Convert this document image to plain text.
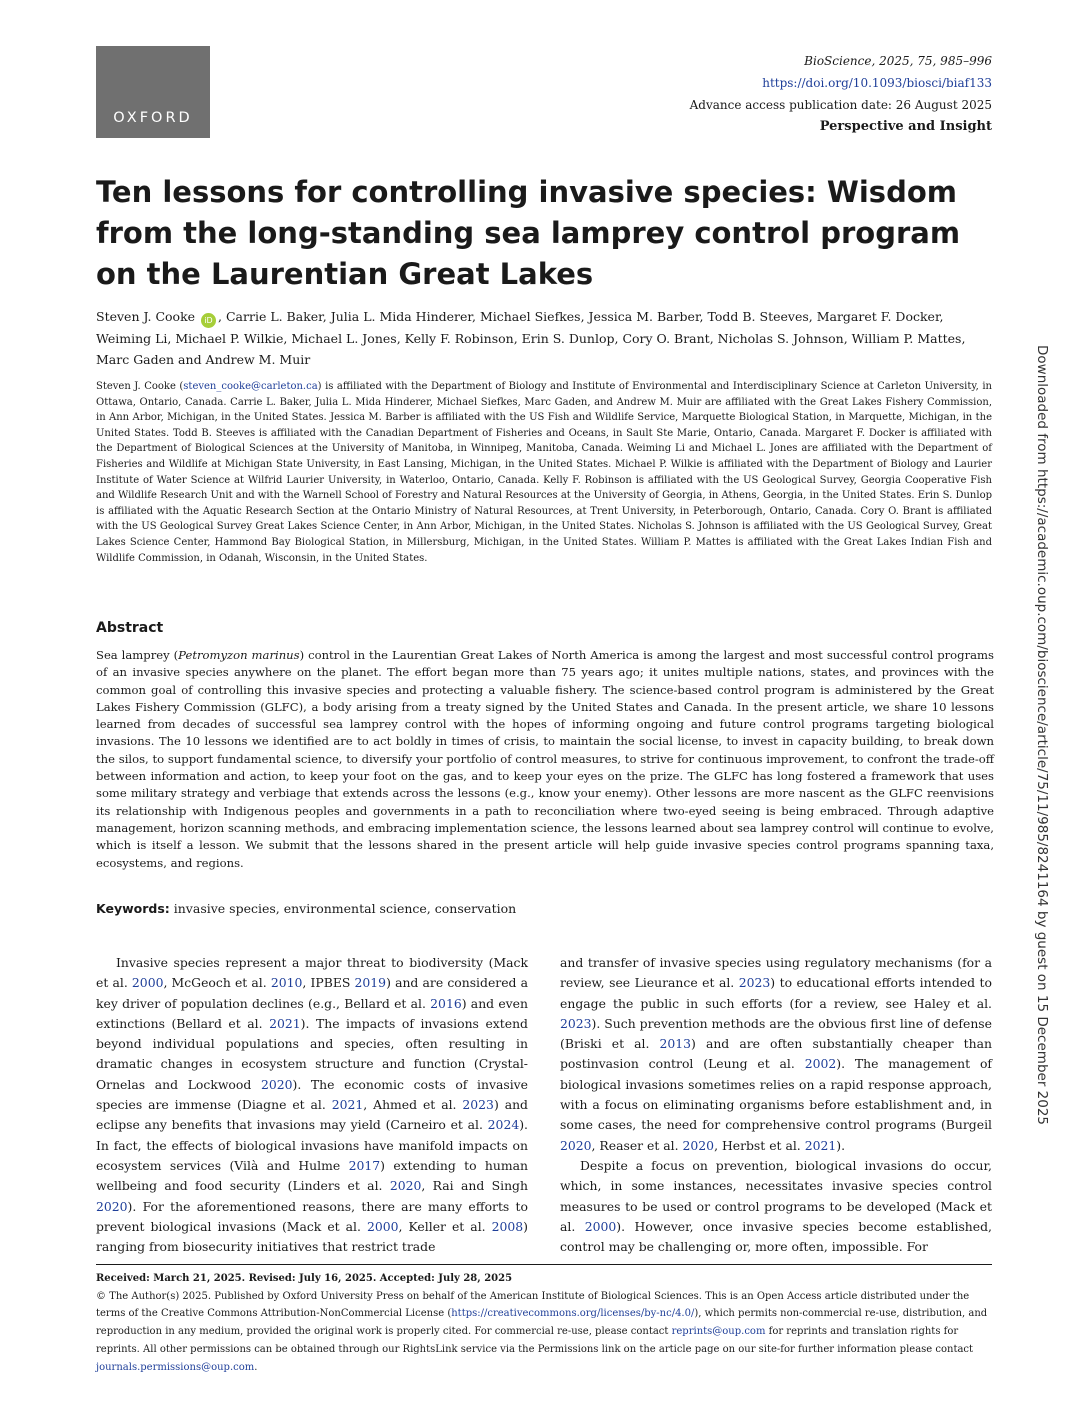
OXFORD
BioScience, 2025, 75, 985–996
https://doi.org/10.1093/biosci/biaf133
Advance access publication date: 26 August 2025
Perspective and Insight
Ten lessons for controlling invasive species: Wisdom from the long-standing sea lamprey control program on the Laurentian Great Lakes
Steven J. Cooke iD , Carrie L. Baker, Julia L. Mida Hinderer, Michael Siefkes, Jessica M. Barber, Todd B. Steeves, Margaret F. Docker, Weiming Li, Michael P. Wilkie, Michael L. Jones, Kelly F. Robinson, Erin S. Dunlop, Cory O. Brant, Nicholas S. Johnson, William P. Mattes, Marc Gaden and Andrew M. Muir
Steven J. Cooke (steven_cooke@carleton.ca) is affiliated with the Department of Biology and Institute of Environmental and Interdisciplinary Science at Carleton University, in Ottawa, Ontario, Canada. Carrie L. Baker, Julia L. Mida Hinderer, Michael Siefkes, Marc Gaden, and Andrew M. Muir are affiliated with the Great Lakes Fishery Commission, in Ann Arbor, Michigan, in the United States. Jessica M. Barber is affiliated with the US Fish and Wildlife Service, Marquette Biological Station, in Marquette, Michigan, in the United States. Todd B. Steeves is affiliated with the Canadian Department of Fisheries and Oceans, in Sault Ste Marie, Ontario, Canada. Margaret F. Docker is affiliated with the Department of Biological Sciences at the University of Manitoba, in Winnipeg, Manitoba, Canada. Weiming Li and Michael L. Jones are affiliated with the Department of Fisheries and Wildlife at Michigan State University, in East Lansing, Michigan, in the United States. Michael P. Wilkie is affiliated with the Department of Biology and Laurier Institute of Water Science at Wilfrid Laurier University, in Waterloo, Ontario, Canada. Kelly F. Robinson is affiliated with the US Geological Survey, Georgia Cooperative Fish and Wildlife Research Unit and with the Warnell School of Forestry and Natural Resources at the University of Georgia, in Athens, Georgia, in the United States. Erin S. Dunlop is affiliated with the Aquatic Research Section at the Ontario Ministry of Natural Resources, at Trent University, in Peterborough, Ontario, Canada. Cory O. Brant is affiliated with the US Geological Survey Great Lakes Science Center, in Ann Arbor, Michigan, in the United States. Nicholas S. Johnson is affiliated with the US Geological Survey, Great Lakes Science Center, Hammond Bay Biological Station, in Millersburg, Michigan, in the United States. William P. Mattes is affiliated with the Great Lakes Indian Fish and Wildlife Commission, in Odanah, Wisconsin, in the United States.
Abstract

Sea lamprey (Petromyzon marinus) control in the Laurentian Great Lakes of North America is among the largest and most successful control programs of an invasive species anywhere on the planet. The effort began more than 75 years ago; it unites multiple nations, states, and provinces with the common goal of controlling this invasive species and protecting a valuable fishery. The science-based control program is administered by the Great Lakes Fishery Commission (GLFC), a body arising from a treaty signed by the United States and Canada. In the present article, we share 10 lessons learned from decades of successful sea lamprey control with the hopes of informing ongoing and future control programs targeting biological invasions. The 10 lessons we identified are to act boldly in times of crisis, to maintain the social license, to invest in capacity building, to break down the silos, to support fundamental science, to diversify your portfolio of control measures, to strive for continuous improvement, to confront the trade-off between information and action, to keep your foot on the gas, and to keep your eyes on the prize. The GLFC has long fostered a framework that uses some military strategy and verbiage that extends across the lessons (e.g., know your enemy). Other lessons are more nascent as the GLFC reenvisions its relationship with Indigenous peoples and governments in a path to reconciliation where two-eyed seeing is being embraced. Through adaptive management, horizon scanning methods, and embracing implementation science, the lessons learned about sea lamprey control will continue to evolve, which is itself a lesson. We submit that the lessons shared in the present article will help guide invasive species control programs spanning taxa, ecosystems, and regions.

Keywords: invasive species, environmental science, conservation

Invasive species represent a major threat to biodiversity (Mack et al. 2000, McGeoch et al. 2010, IPBES 2019) and are considered a key driver of population declines (e.g., Bellard et al. 2016) and even extinctions (Bellard et al. 2021). The impacts of invasions extend beyond individual populations and species, often resulting in dramatic changes in ecosystem structure and function (Crystal-Ornelas and Lockwood 2020). The economic costs of invasive species are immense (Diagne et al. 2021, Ahmed et al. 2023) and eclipse any benefits that invasions may yield (Carneiro et al. 2024). In fact, the effects of biological invasions have manifold impacts on ecosystem services (Vilà and Hulme 2017) extending to human wellbeing and food security (Linders et al. 2020, Rai and Singh 2020). For the aforementioned reasons, there are many efforts to prevent biological invasions (Mack et al. 2000, Keller et al. 2008) ranging from biosecurity initiatives that restrict trade

and transfer of invasive species using regulatory mechanisms (for a review, see Lieurance et al. 2023) to educational efforts intended to engage the public in such efforts (for a review, see Haley et al. 2023). Such prevention methods are the obvious first line of defense (Briski et al. 2013) and are often substantially cheaper than postinvasion control (Leung et al. 2002). The management of biological invasions sometimes relies on a rapid response approach, with a focus on eliminating organisms before establishment and, in some cases, the need for comprehensive control programs (Burgeil 2020, Reaser et al. 2020, Herbst et al. 2021).

Despite a focus on prevention, biological invasions do occur, which, in some instances, necessitates invasive species control measures to be used or control programs to be developed (Mack et al. 2000). However, once invasive species become established, control may be challenging or, more often, impossible. For

Received: March 21, 2025. Revised: July 16, 2025. Accepted: July 28, 2025
© The Author(s) 2025. Published by Oxford University Press on behalf of the American Institute of Biological Sciences. This is an Open Access article distributed under the terms of the Creative Commons Attribution-NonCommercial License (https://creativecommons.org/licenses/by-nc/4.0/), which permits non-commercial re-use, distribution, and reproduction in any medium, provided the original work is properly cited. For commercial re-use, please contact reprints@oup.com for reprints and translation rights for reprints. All other permissions can be obtained through our RightsLink service via the Permissions link on the article page on our site-for further information please contact journals.permissions@oup.com.
Downloaded from https://academic.oup.com/bioscience/article/75/11/985/8241164 by guest on 15 December 2025
